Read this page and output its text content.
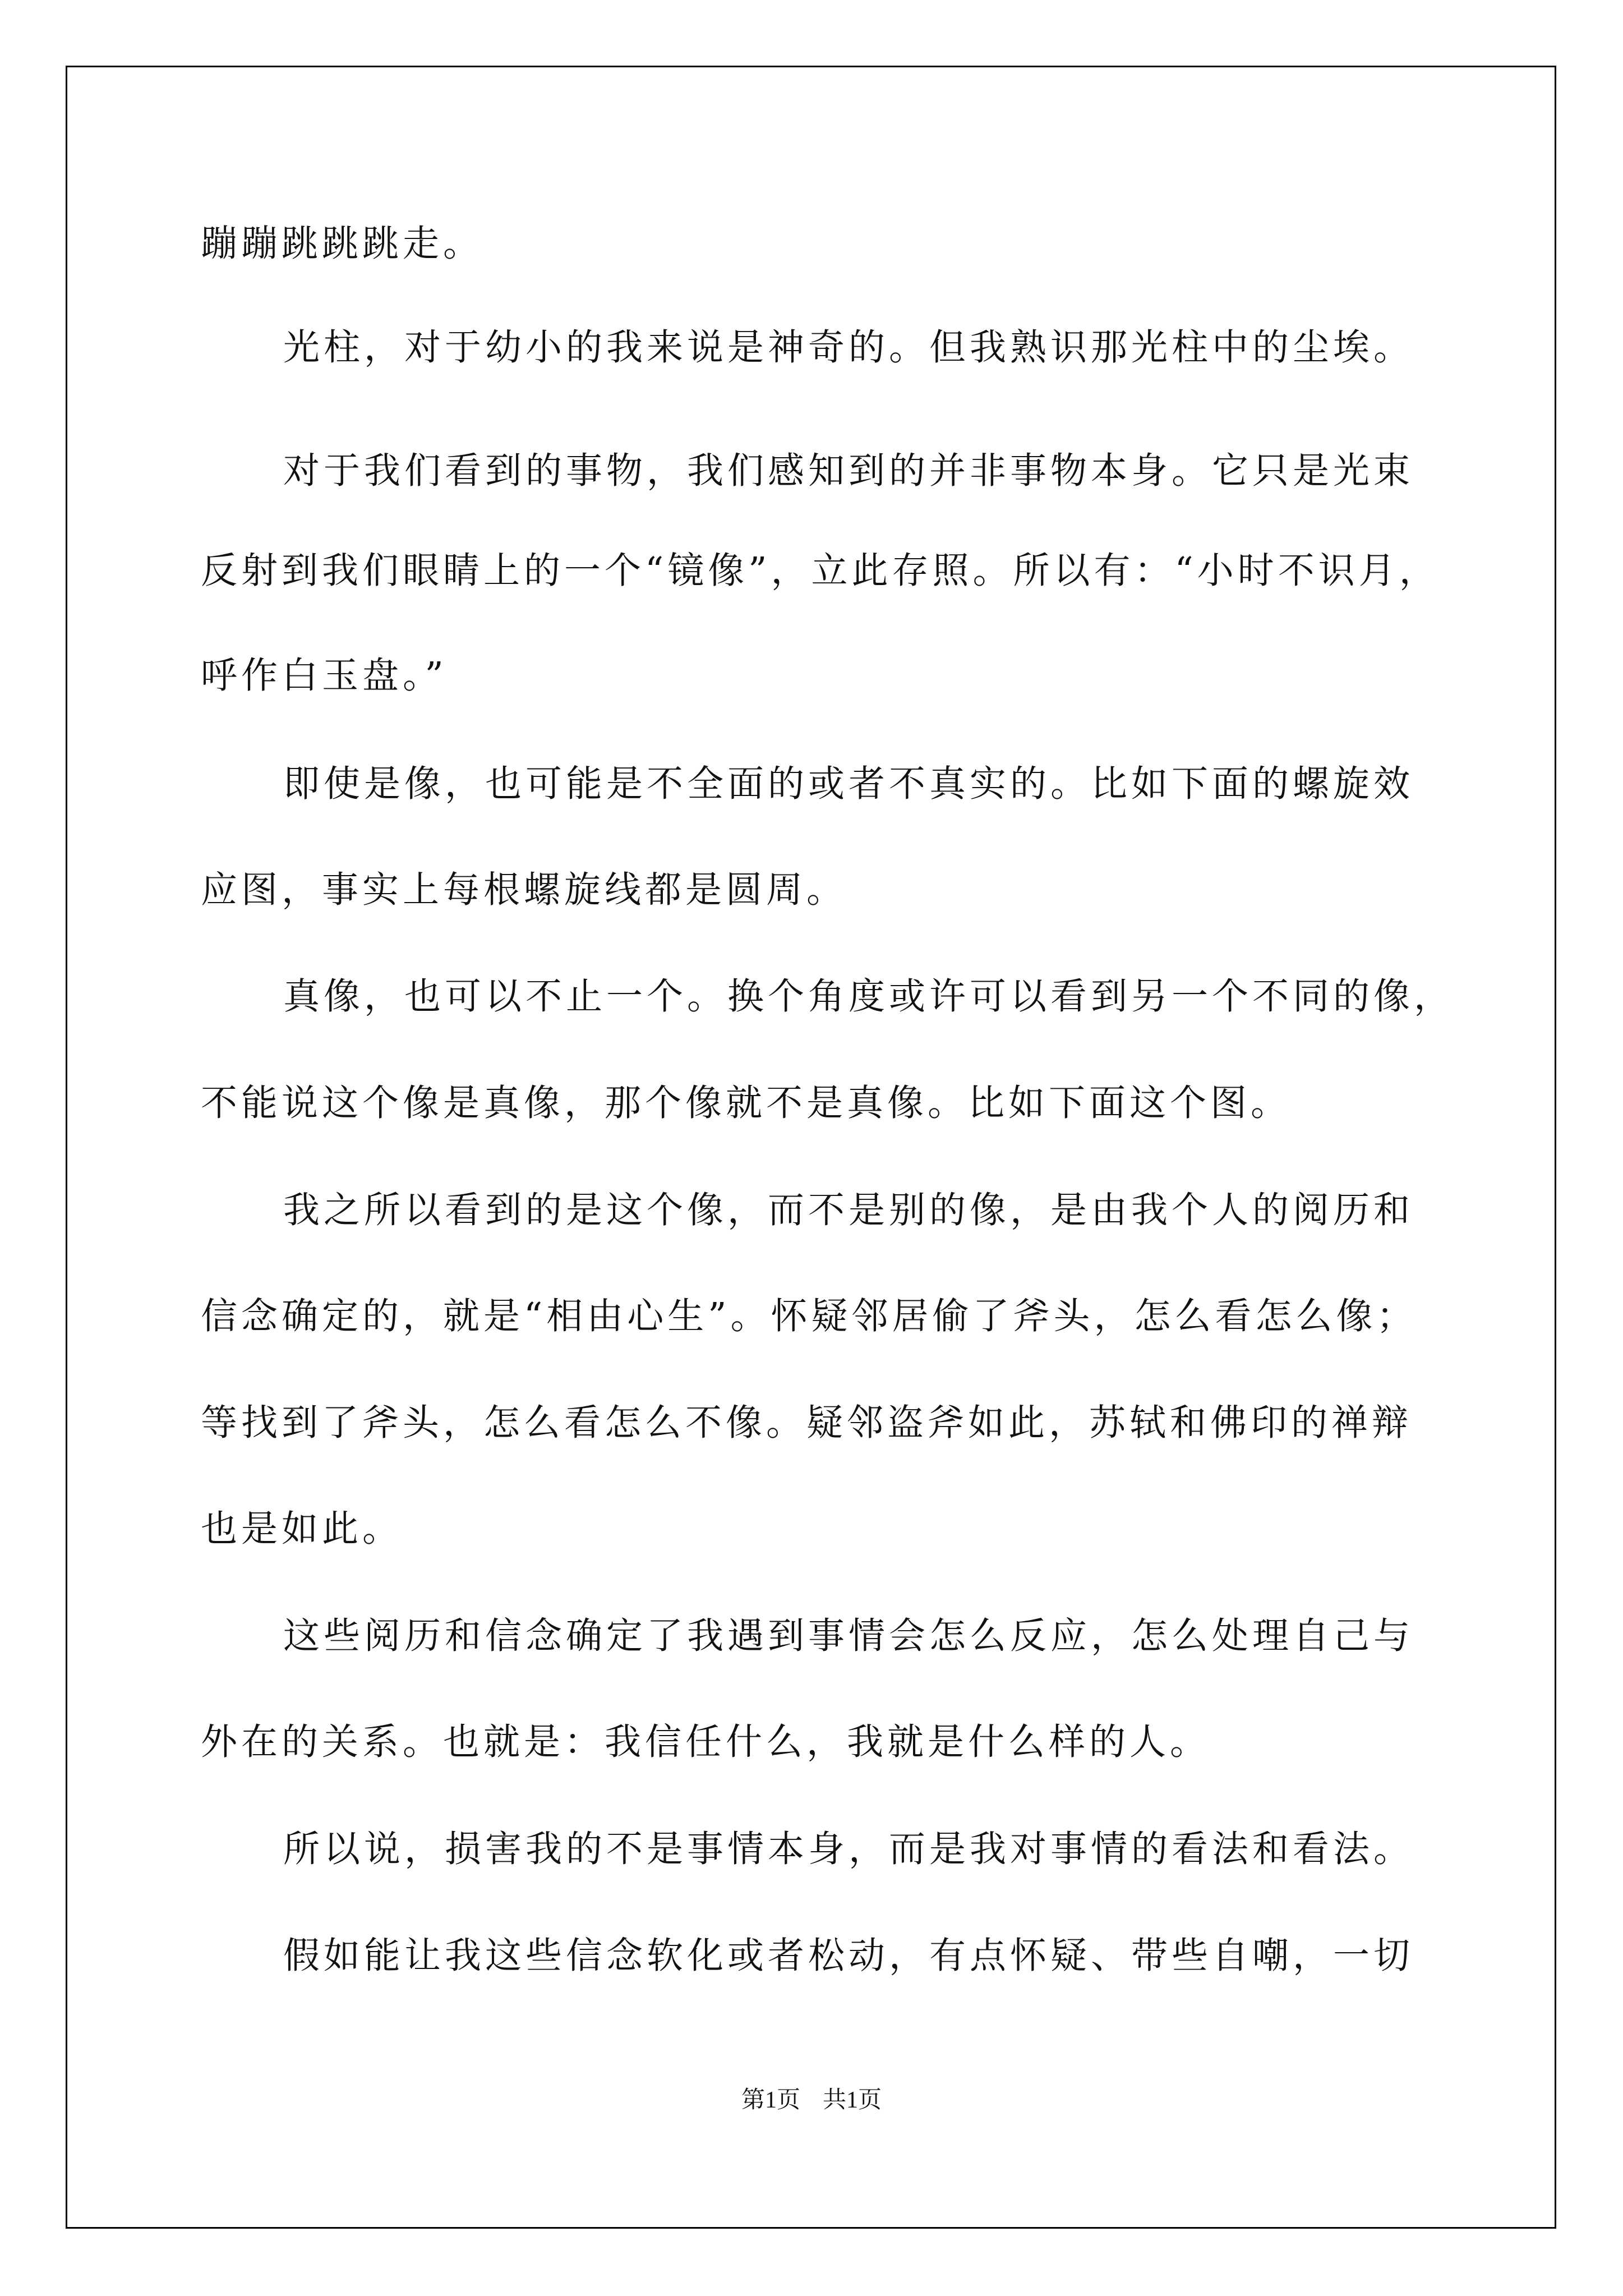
蹦蹦跳跳跳走。
光柱，对于幼小的我来说是神奇的。但我熟识那光柱中的尘埃。
对于我们看到的事物，我们感知到的并非事物本身。它只是光束
反射到我们眼睛上的一个“镜像”，立此存照。所以有：“小时不识月，
呼作白玉盘。”
即使是像，也可能是不全面的或者不真实的。比如下面的螺旋效
应图，事实上每根螺旋线都是圆周。
真像，也可以不止一个。换个角度或许可以看到另一个不同的像，
不能说这个像是真像，那个像就不是真像。比如下面这个图。
我之所以看到的是这个像，而不是别的像，是由我个人的阅历和
信念确定的，就是“相由心生”。怀疑邻居偷了斧头，怎么看怎么像；
等找到了斧头，怎么看怎么不像。疑邻盗斧如此，苏轼和佛印的禅辩
也是如此。
这些阅历和信念确定了我遇到事情会怎么反应，怎么处理自己与
外在的关系。也就是：我信任什么，我就是什么样的人。
所以说，损害我的不是事情本身，而是我对事情的看法和看法。
假如能让我这些信念软化或者松动，有点怀疑、带些自嘲，一切
第1页 共1页
